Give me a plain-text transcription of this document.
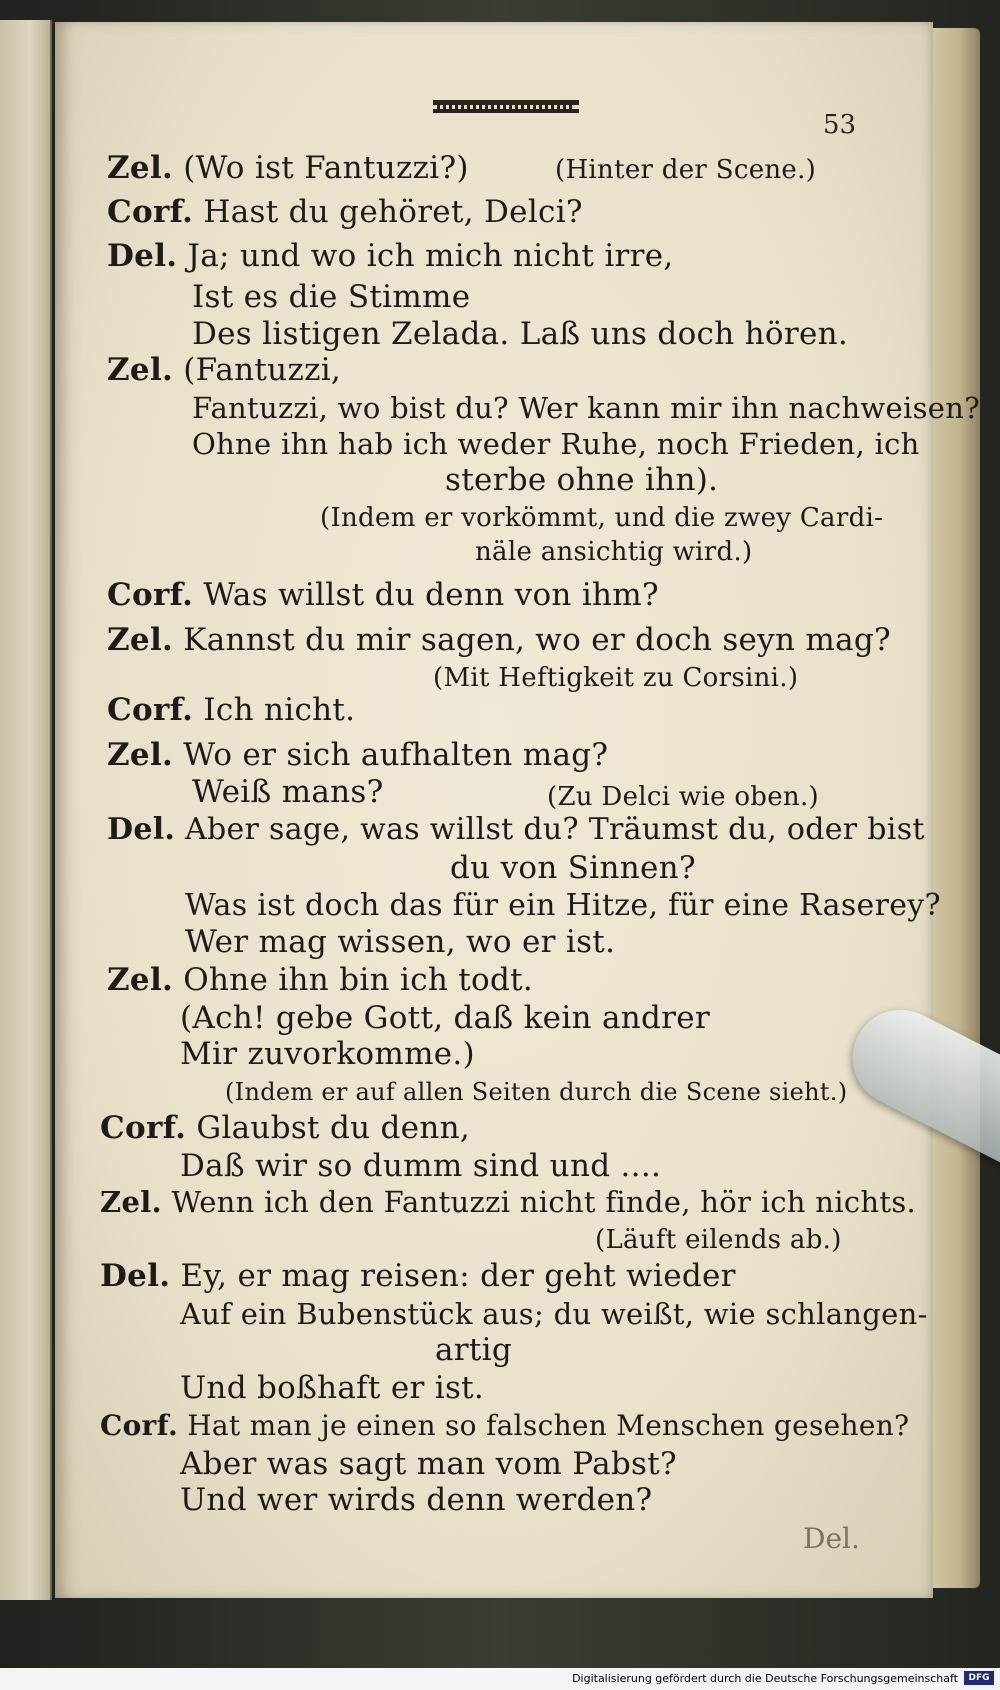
53
Zel. (Wo ist Fantuzzi?)	(Hinter der Scene.)
Corf. Hast du gehöret, Delci?
Del. Ja; und wo ich mich nicht irre,
Ist es die Stimme
Des listigen Zelada. Laß uns doch hören.
Zel. (Fantuzzi,
Fantuzzi, wo bist du? Wer kann mir ihn nachweisen?
Ohne ihn hab ich weder Ruhe, noch Frieden, ich
sterbe ohne ihn).
(Indem er vorkömmt, und die zwey Cardi-
näle ansichtig wird.)
Corf. Was willst du denn von ihm?
Zel. Kannst du mir sagen, wo er doch seyn mag?
(Mit Heftigkeit zu Corsini.)
Corf. Ich nicht.
Zel. Wo er sich aufhalten mag?
Weiß mans?	(Zu Delci wie oben.)
Del. Aber sage, was willst du? Träumst du, oder bist
du von Sinnen?
Was ist doch das für ein Hitze, für eine Raserey?
Wer mag wissen, wo er ist.
Zel. Ohne ihn bin ich todt.
(Ach! gebe Gott, daß kein andrer
Mir zuvorkomme.)
(Indem er auf allen Seiten durch die Scene sieht.)
Corf. Glaubst du denn,
Daß wir so dumm sind und ....
Zel. Wenn ich den Fantuzzi nicht finde, hör ich nichts.
(Läuft eilends ab.)
Del. Ey, er mag reisen: der geht wieder
Auf ein Bubenstück aus; du weißt, wie schlangen-
artig
Und boßhaft er ist.
Corf. Hat man je einen so falschen Menschen gesehen?
Aber was sagt man vom Pabst?
Und wer wirds denn werden?
Del.
Digitalisierung gefördert durch die Deutsche Forschungsgemeinschaft	DFG
